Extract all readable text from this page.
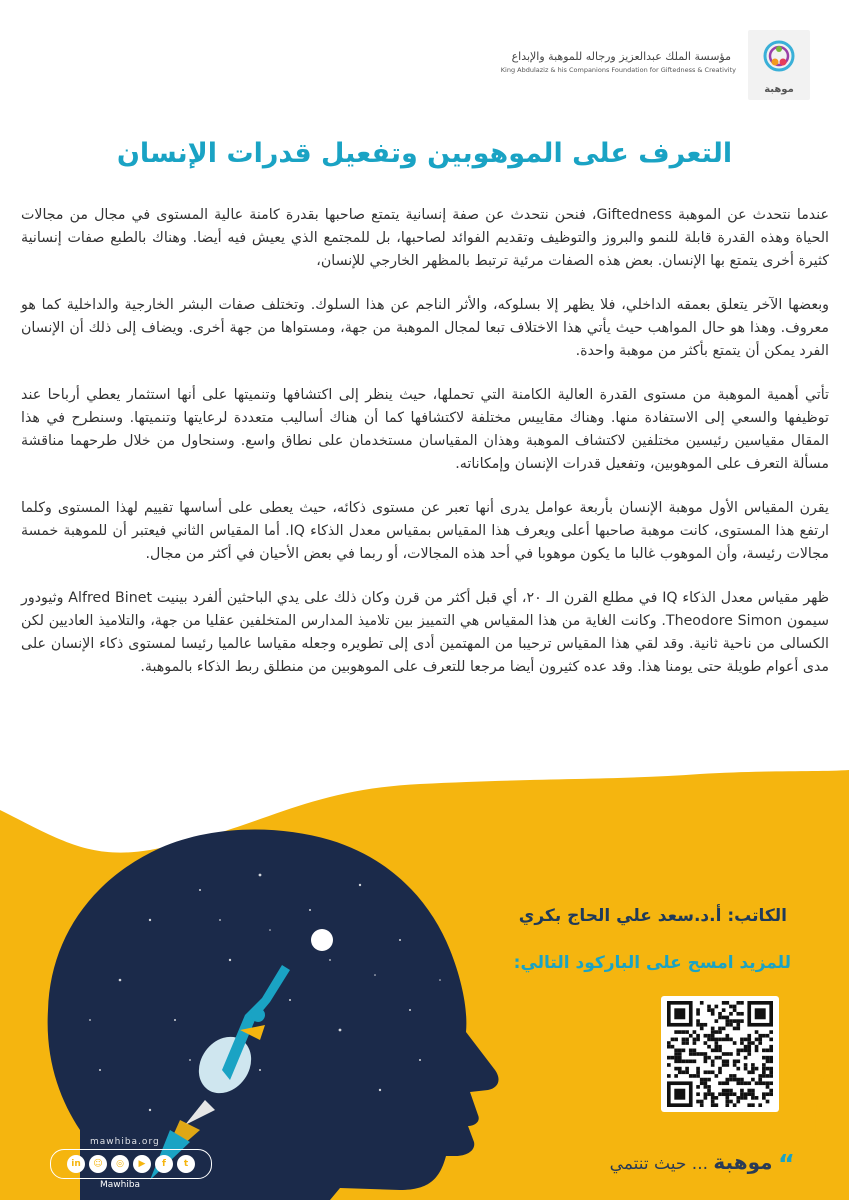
موهبة
مؤسسة الملك عبدالعزيز ورجاله للموهبة والإبداع
King Abdulaziz & his Companions Foundation for Giftedness & Creativity
التعرف على الموهوبين وتفعيل قدرات الإنسان

عندما نتحدث عن الموهبة Giftedness، فنحن نتحدث عن صفة إنسانية يتمتع صاحبها بقدرة كامنة عالية المستوى في مجال من مجالات الحياة وهذه القدرة قابلة للنمو والبروز والتوظيف وتقديم الفوائد لصاحبها، بل للمجتمع الذي يعيش فيه أيضا. وهناك بالطبع صفات إنسانية كثيرة أخرى يتمتع بها الإنسان. بعض هذه الصفات مرئية ترتبط بالمظهر الخارجي للإنسان،

وبعضها الآخر يتعلق بعمقه الداخلي، فلا يظهر إلا بسلوكه، والأثر الناجم عن هذا السلوك. وتختلف صفات البشر الخارجية والداخلية كما هو معروف. وهذا هو حال المواهب حيث يأتي هذا الاختلاف تبعا لمجال الموهبة من جهة، ومستواها من جهة أخرى. ويضاف إلى ذلك أن الإنسان الفرد يمكن أن يتمتع بأكثر من موهبة واحدة.

تأتي أهمية الموهبة من مستوى القدرة العالية الكامنة التي تحملها، حيث ينظر إلى اكتشافها وتنميتها على أنها استثمار يعطي أرباحا عند توظيفها والسعي إلى الاستفادة منها. وهناك مقاييس مختلفة لاكتشافها كما أن هناك أساليب متعددة لرعايتها وتنميتها. وسنطرح في هذا المقال مقياسين رئيسين مختلفين لاكتشاف الموهبة وهذان المقياسان مستخدمان على نطاق واسع. وسنحاول من خلال طرحهما مناقشة مسألة التعرف على الموهوبين، وتفعيل قدرات الإنسان وإمكاناته.

يقرن المقياس الأول موهبة الإنسان بأربعة عوامل يدرى أنها تعبر عن مستوى ذكائه، حيث يعطى على أساسها تقييم لهذا المستوى وكلما ارتفع هذا المستوى، كانت موهبة صاحبها أعلى ويعرف هذا المقياس بمقياس معدل الذكاء IQ. أما المقياس الثاني فيعتبر أن للموهبة خمسة مجالات رئيسة، وأن الموهوب غالبا ما يكون موهوبا في أحد هذه المجالات، أو ربما في بعض الأحيان في أكثر من مجال.

ظهر مقياس معدل الذكاء IQ في مطلع القرن الـ ٢٠، أي قبل أكثر من قرن وكان ذلك على يدي الباحثين ألفرد بينيت Alfred Binet وثيودور سيمون Theodore Simon. وكانت الغاية من هذا المقياس هي التمييز بين تلاميذ المدارس المتخلفين عقليا من جهة، والتلاميذ العاديين لكن الكسالى من ناحية ثانية. وقد لقي هذا المقياس ترحيبا من المهتمين أدى إلى تطويره وجعله مقياسا عالميا رئيسا لمستوى ذكاء الإنسان على مدى أعوام طويلة حتى يومنا هذا. وقد عده كثيرون أيضا مرجعا للتعرف على الموهوبين من منطلق ربط الذكاء بالموهبة.

الكاتب: أ.د.سعد علي الحاج بكري
للمزيد امسح على الباركود التالي:
“ موهبة ... حيث تنتمي
mawhiba.org
in	☺	◎	▶	f	t
Mawhiba
